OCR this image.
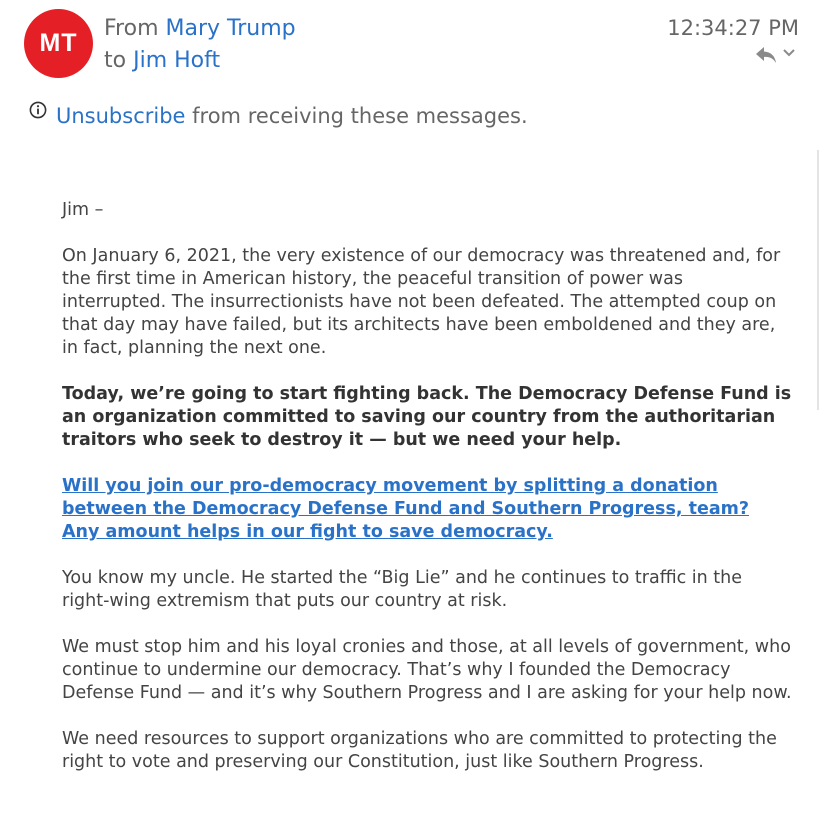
MT
From Mary Trump
to Jim Hoft
12:34:27 PM
Unsubscribe from receiving these messages.

Jim –

On January 6, 2021, the very existence of our democracy was threatened and, for the first time in American history, the peaceful transition of power was interrupted. The insurrectionists have not been defeated. The attempted coup on that day may have failed, but its architects have been emboldened and they are, in fact, planning the next one.

Today, we’re going to start fighting back. The Democracy Defense Fund is an organization committed to saving our country from the authoritarian traitors who seek to destroy it — but we need your help.

Will you join our pro-democracy movement by splitting a donation between the Democracy Defense Fund and Southern Progress, team? Any amount helps in our fight to save democracy.

You know my uncle. He started the “Big Lie” and he continues to traffic in the right-wing extremism that puts our country at risk.

We must stop him and his loyal cronies and those, at all levels of government, who continue to undermine our democracy. That’s why I founded the Democracy Defense Fund — and it’s why Southern Progress and I are asking for your help now.

We need resources to support organizations who are committed to protecting the right to vote and preserving our Constitution, just like Southern Progress.
